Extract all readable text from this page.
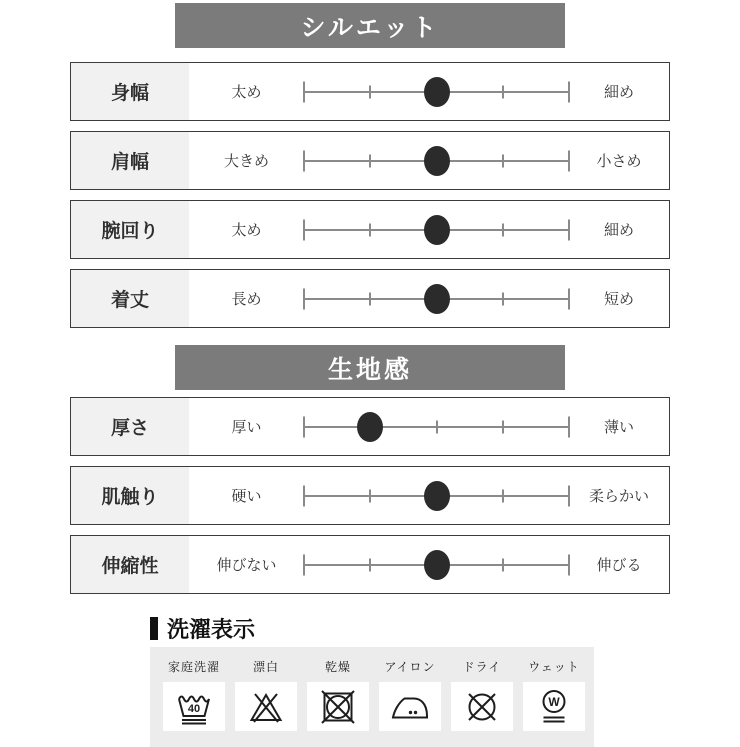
シルエット
身幅	太め	細め
肩幅	大きめ	小さめ
腕回り	太め	細め
着丈	長め	短め
生地感
厚さ	厚い	薄い
肌触り	硬い	柔らかい
伸縮性	伸びない	伸びる
洗濯表示
家庭洗濯
40
漂白	乾燥	アイロン ドライ ウェット
W
